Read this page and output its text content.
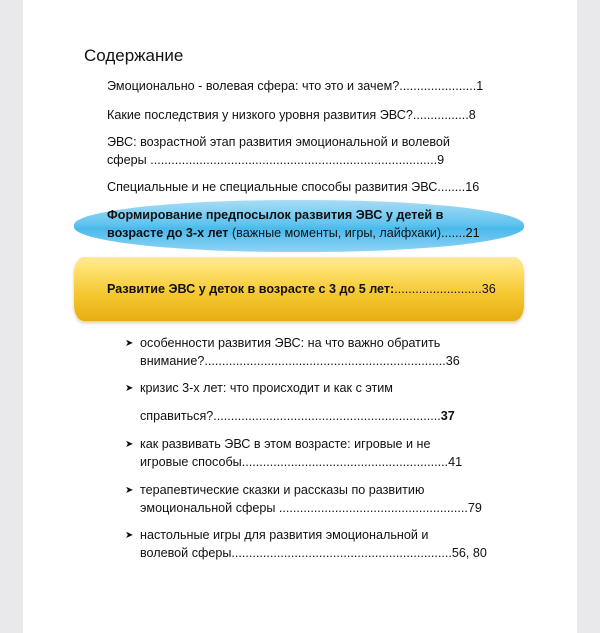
Содержание
Эмоционально - волевая сфера: что это и зачем?......................1
Какие последствия у низкого уровня развития ЭВС?................8
ЭВС: возрастной этап развития эмоциональной и волевой
сферы ..................................................................................9
Специальные и не специальные способы развития ЭВС........16
Формирование предпосылок развития ЭВС у детей в
возрасте до 3-х лет (важные моменты, игры, лайфхаки).......21
Развитие ЭВС у деток в возрасте с 3 до 5 лет:.........................36
➤ особенности развития ЭВС: на что важно обратить
внимание?.....................................................................36
➤ кризис 3-х лет: что происходит и как с этим
справиться?.................................................................37
➤ как развивать ЭВС в этом возрасте: игровые и не
игровые способы...........................................................41
➤ терапевтические сказки и рассказы по развитию
эмоциональной сферы ......................................................79
➤ настольные игры для развития эмоциональной и
волевой сферы...............................................................56, 80
